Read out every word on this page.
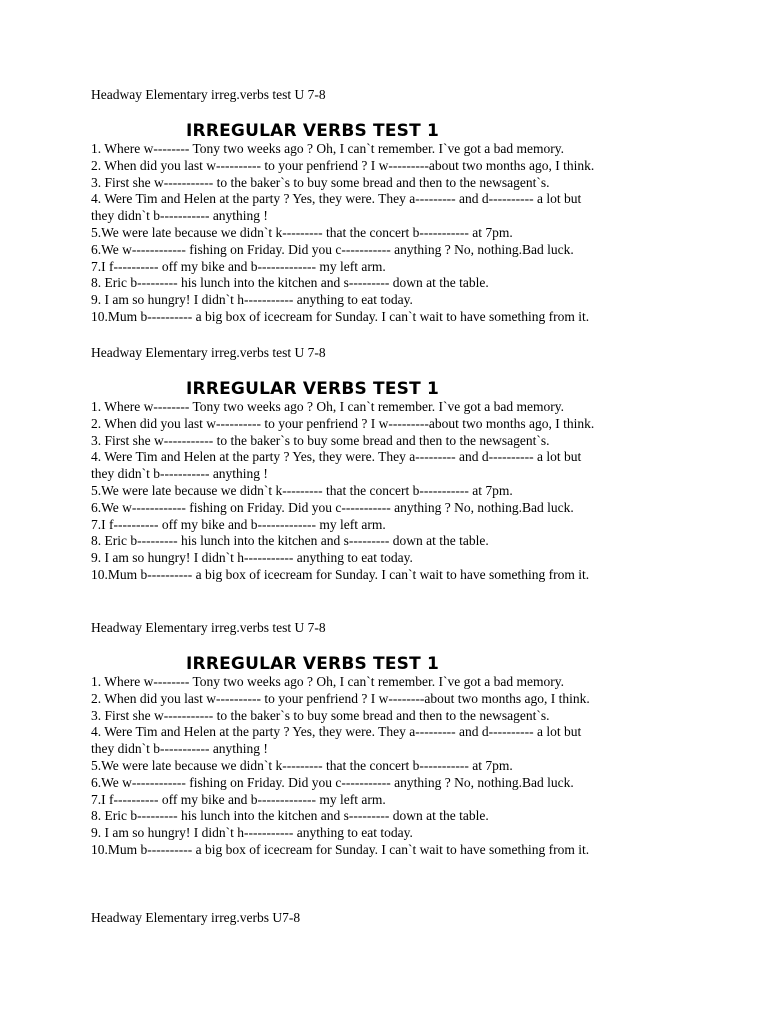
Headway Elementary irreg.verbs test U 7-8
IRREGULAR VERBS TEST 1
1. Where w-------- Tony two weeks ago ? Oh, I can`t remember. I`ve got a bad memory.
2. When did you last w---------- to your penfriend ? I w---------about two months ago, I think.
3. First she w----------- to the baker`s to buy some bread and then to the newsagent`s.
4. Were Tim and Helen at the party ? Yes, they were. They a--------- and d---------- a lot but
they didn`t b----------- anything !
5.We were late because we didn`t k--------- that the concert b----------- at 7pm.
6.We w------------ fishing on Friday. Did you c----------- anything ? No, nothing.Bad luck.
7.I f---------- off my bike and b------------- my left arm.
8. Eric b--------- his lunch into the kitchen and s--------- down at the table.
9. I am so hungry! I didn`t h----------- anything to eat today.
10.Mum b---------- a big box of icecream for Sunday. I can`t wait to have something from it.
Headway Elementary irreg.verbs test U 7-8
IRREGULAR VERBS TEST 1
1. Where w-------- Tony two weeks ago ? Oh, I can`t remember. I`ve got a bad memory.
2. When did you last w---------- to your penfriend ? I w---------about two months ago, I think.
3. First she w----------- to the baker`s to buy some bread and then to the newsagent`s.
4. Were Tim and Helen at the party ? Yes, they were. They a--------- and d---------- a lot but
they didn`t b----------- anything !
5.We were late because we didn`t k--------- that the concert b----------- at 7pm.
6.We w------------ fishing on Friday. Did you c----------- anything ? No, nothing.Bad luck.
7.I f---------- off my bike and b------------- my left arm.
8. Eric b--------- his lunch into the kitchen and s--------- down at the table.
9. I am so hungry! I didn`t h----------- anything to eat today.
10.Mum b---------- a big box of icecream for Sunday. I can`t wait to have something from it.
Headway Elementary irreg.verbs test U 7-8
IRREGULAR VERBS TEST 1
1. Where w-------- Tony two weeks ago ? Oh, I can`t remember. I`ve got a bad memory.
2. When did you last w---------- to your penfriend ? I w--------about two months ago, I think.
3. First she w----------- to the baker`s to buy some bread and then to the newsagent`s.
4. Were Tim and Helen at the party ? Yes, they were. They a--------- and d---------- a lot but
they didn`t b----------- anything !
5.We were late because we didn`t k--------- that the concert b----------- at 7pm.
6.We w------------ fishing on Friday. Did you c----------- anything ? No, nothing.Bad luck.
7.I f---------- off my bike and b------------- my left arm.
8. Eric b--------- his lunch into the kitchen and s--------- down at the table.
9. I am so hungry! I didn`t h----------- anything to eat today.
10.Mum b---------- a big box of icecream for Sunday. I can`t wait to have something from it.
Headway Elementary irreg.verbs U7-8
